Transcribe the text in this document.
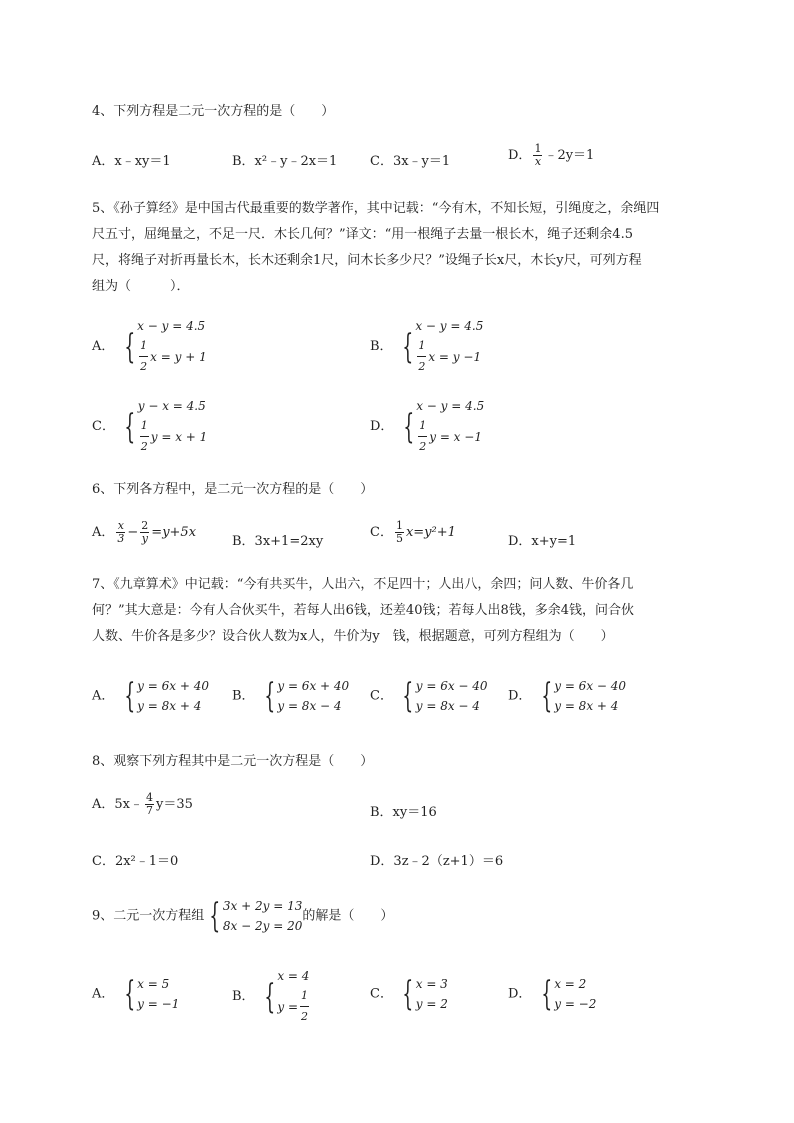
4、下列方程是二元一次方程的是（　　）
A．x﹣xy＝1	B．x²﹣y﹣2x＝1	C．3x﹣y＝1	D． $\frac{1}{x}$ ﹣2y＝1
5、《孙子算经》是中国古代最重要的数学著作，其中记载：“今有木，不知长短，引绳度之，余绳四
尺五寸，屈绳量之，不足一尺．木长几何？”译文：“用一根绳子去量一根长木，绳子还剩余4.5
尺，将绳子对折再量长木，长木还剩余1尺，问木长多少尺？”设绳子长x尺，木长y尺，可列方程
组为（　　　）．
A． {
x − y = 4.5
$\frac{1}{2}$ x = y + 1
B． {
x − y = 4.5
$\frac{1}{2}$ x = y −1
C． {
y − x = 4.5
$\frac{1}{2}$ y = x + 1
D． {
x − y = 4.5
$\frac{1}{2}$ y = x −1
6、下列各方程中，是二元一次方程的是（　　）
A． $\frac{x}{3} - \frac{2}{y} =y+5x$
B．3x+1=2xy
C． $\frac{1}{5} x=y^2+1$
D．x+y=1
7、《九章算术》中记载：“今有共买牛，人出六，不足四十；人出八，余四；问人数、牛价各几
何？”其大意是：今有人合伙买牛，若每人出6钱，还差40钱；若每人出8钱，多余4钱，问合伙
人数、牛价各是多少？设合伙人数为x人，牛价为y　钱，根据题意，可列方程组为（　　）
A． { y = 6x + 40
y = 8x + 4
B． { y = 6x + 40
y = 8x − 4
C． { y = 6x − 40
y = 8x − 4
D． { y = 6x − 40
y = 8x + 4
8、观察下列方程其中是二元一次方程是（　　）
A．5x﹣ $\frac{4}{7} y=35$
B．xy＝16
C．2x²﹣1＝0	D．3z﹣2（z+1）＝6
9、二元一次方程组 { 3x + 2y = 13
8x − 2y = 20
的解是（　　）
A． { x = 5
y = −1	B． {
x = 4
$y = \frac{1}{2}$	C． { x = 3
y = 2
D． { x = 2
y = −2
